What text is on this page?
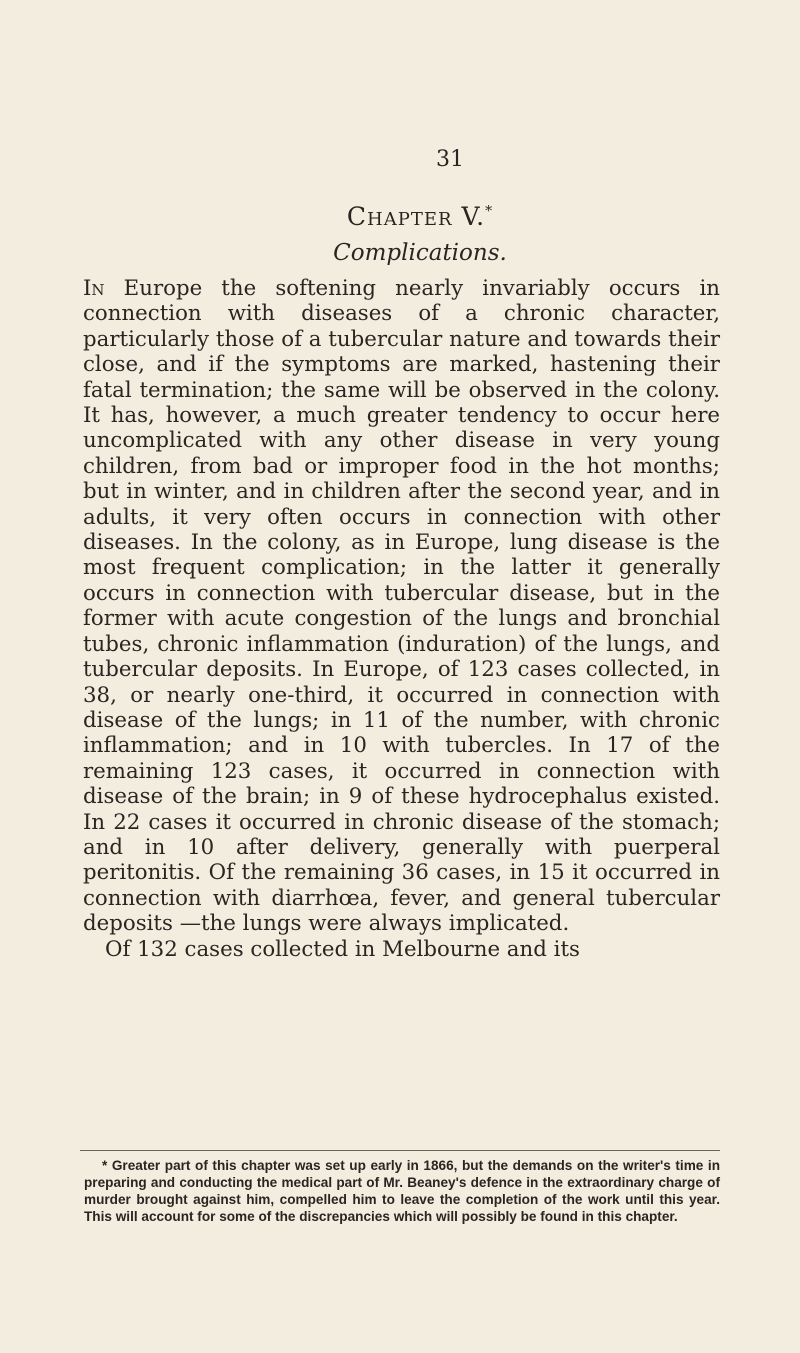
31
Chapter V.*
Complications.

In Europe the softening nearly invariably occurs in connection with diseases of a chronic character, particularly those of a tubercular nature and towards their close, and if the symptoms are marked, hastening their fatal termination; the same will be observed in the colony. It has, however, a much greater tendency to occur here uncomplicated with any other disease in very young children, from bad or improper food in the hot months; but in winter, and in children after the second year, and in adults, it very often occurs in connection with other diseases. In the colony, as in Europe, lung disease is the most frequent complication; in the latter it generally occurs in connection with tubercular disease, but in the former with acute congestion of the lungs and bronchial tubes, chronic inflammation (induration) of the lungs, and tubercular deposits. In Europe, of 123 cases collected, in 38, or nearly one-third, it occurred in connection with disease of the lungs; in 11 of the number, with chronic inflammation; and in 10 with tubercles. In 17 of the remaining 123 cases, it occurred in connection with disease of the brain; in 9 of these hydrocephalus existed. In 22 cases it occurred in chronic disease of the stomach; and in 10 after delivery, generally with puerperal peritonitis. Of the remaining 36 cases, in 15 it occurred in connection with diarrhœa, fever, and general tubercular deposits —the lungs were always implicated.

Of 132 cases collected in Melbourne and its

* Greater part of this chapter was set up early in 1866, but the demands on the writer's time in preparing and conducting the medical part of Mr. Beaney's defence in the extraordinary charge of murder brought against him, compelled him to leave the completion of the work until this year. This will account for some of the discrepancies which will possibly be found in this chapter.
